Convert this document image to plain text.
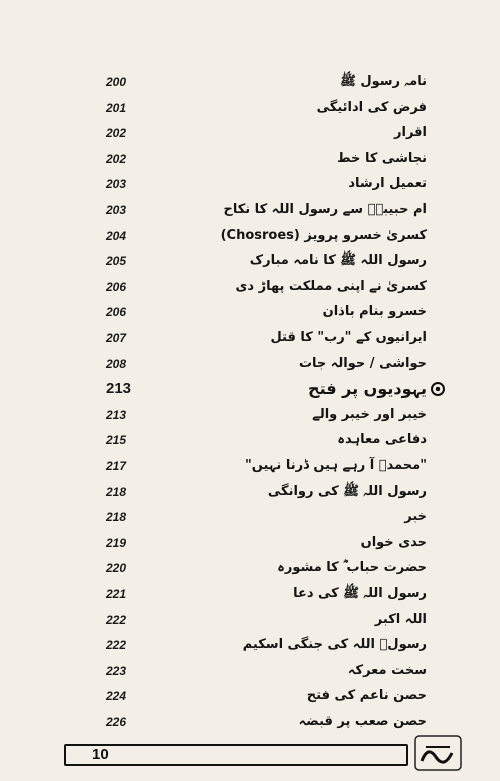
200	نامہ رسول ﷺ
201	فرض کی ادائیگی
202	اقرار
202	نجاشی کا خط
203	تعمیل ارشاد
203	ام حبیبہؓ سے رسول اللہ کا نکاح
204	کسریٰ خسرو پرویز (Chosroes)
205	رسول اللہ ﷺ کا نامہ مبارک
206	کسریٰ نے اپنی مملکت پھاڑ دی
206	خسرو بنام باذان
207	ایرانیوں کے "رب" کا قتل
208	حواشی / حوالہ جات
213	یہودیوں پر فتح
213	خیبر اور خیبر والے
215	دفاعی معاہدہ
217	"محمدؐ آ رہے ہیں ڈرنا نہیں"
218	رسول اللہ ﷺ کی روانگی
218	خبر
219	حدی خواں
220	حضرت حباب ؓ کا مشورہ
221	رسول اللہ ﷺ کی دعا
222	اللہ اکبر
222	رسولؐ اللہ کی جنگی اسکیم
223	سخت معرکہ
224	حصن ناعم کی فتح
226	حصن صعب پر قبضہ
10
